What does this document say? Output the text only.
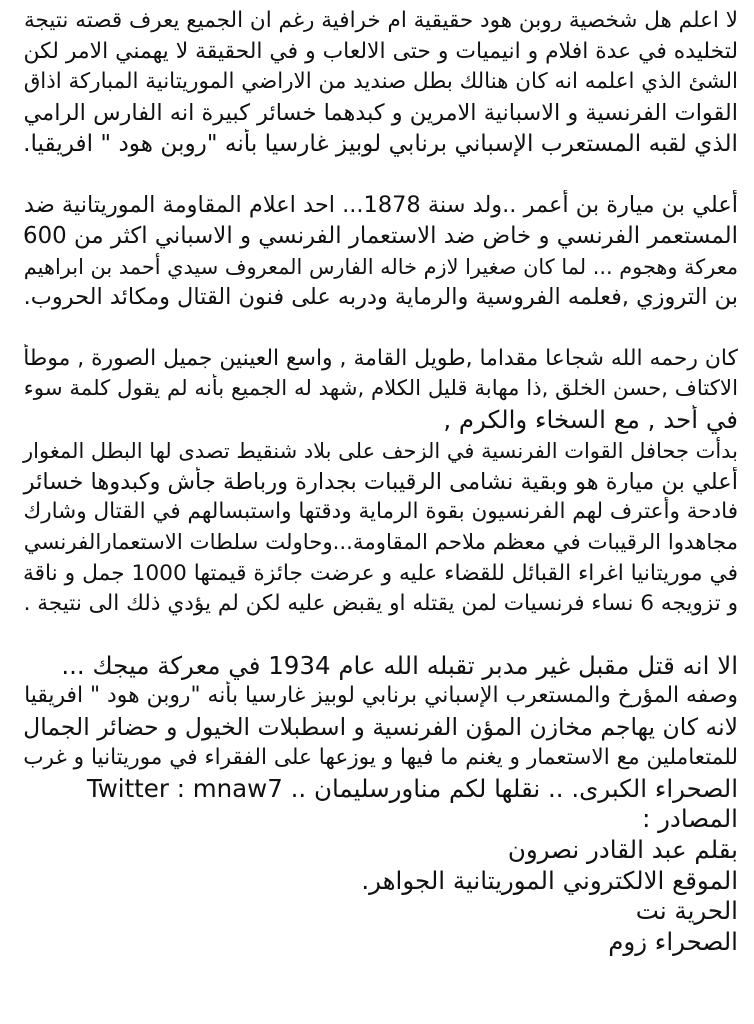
لا اعلم هل شخصية روبن هود حقيقية ام خرافية رغم ان الجميع يعرف قصته نتيجة
لتخليده في عدة افلام و انيميات و حتى الالعاب و في الحقيقة لا يهمني الامر لكن
الشئ الذي اعلمه انه كان هنالك بطل صنديد من الاراضي الموريتانية المباركة اذاق
القوات الفرنسية و الاسبانية الامرين و كبدهما خسائر كبيرة انه الفارس الرامي
الذي لقبه المستعرب الإسباني برنابي لوبيز غارسيا بأنه "روبن هود " افريقيا.
أعلي بن ميارة بن أعمر ..ولد سنة 1878... احد اعلام المقاومة الموريتانية ضد
المستعمر الفرنسي و خاض ضد الاستعمار الفرنسي و الاسباني اكثر من 600
معركة وهجوم ... لما كان صغيرا لازم خاله الفارس المعروف سيدي أحمد بن ابراهيم
بن التروزي ,فعلمه الفروسية والرماية ودربه على فنون القتال ومكائد الحروب.
كان رحمه الله شجاعا مقداما ,طويل القامة , واسع العينين جميل الصورة , موطأ
الاكتاف ,حسن الخلق ,ذا مهابة قليل الكلام ,شهد له الجميع بأنه لم يقول كلمة سوء
في أحد , مع السخاء والكرم ,
بدأت جحافل القوات الفرنسية في الزحف على بلاد شنقيط تصدى لها البطل المغوار
أعلي بن ميارة هو وبقية نشامى الرقيبات بجدارة ورباطة جأش وكبدوها خسائر
فادحة وأعترف لهم الفرنسيون بقوة الرماية ودقتها واستبسالهم في القتال وشارك
مجاهدوا الرقيبات في معظم ملاحم المقاومة...وحاولت سلطات الاستعمارالفرنسي
في موريتانيا اغراء القبائل للقضاء عليه و عرضت جائزة قيمتها 1000 جمل و ناقة
و تزويجه 6 نساء فرنسيات لمن يقتله او يقبض عليه لكن لم يؤدي ذلك الى نتيجة .
الا انه قتل مقبل غير مدبر تقبله الله عام 1934 في معركة ميجك ...
وصفه المؤرخ والمستعرب الإسباني برنابي لوبيز غارسيا بأنه "روبن هود " افريقيا
لانه كان يهاجم مخازن المؤن الفرنسية و اسطبلات الخيول و حضائر الجمال
للمتعاملين مع الاستعمار و يغنم ما فيها و يوزعها على الفقراء في موريتانيا و غرب
الصحراء الكبرى. .. نقلها لكم مناورسليمان .. Twitter : mnaw7
المصادر :
بقلم عبد القادر نصرون
الموقع الالكتروني الموريتانية الجواهر.
الحرية نت
الصحراء زوم
